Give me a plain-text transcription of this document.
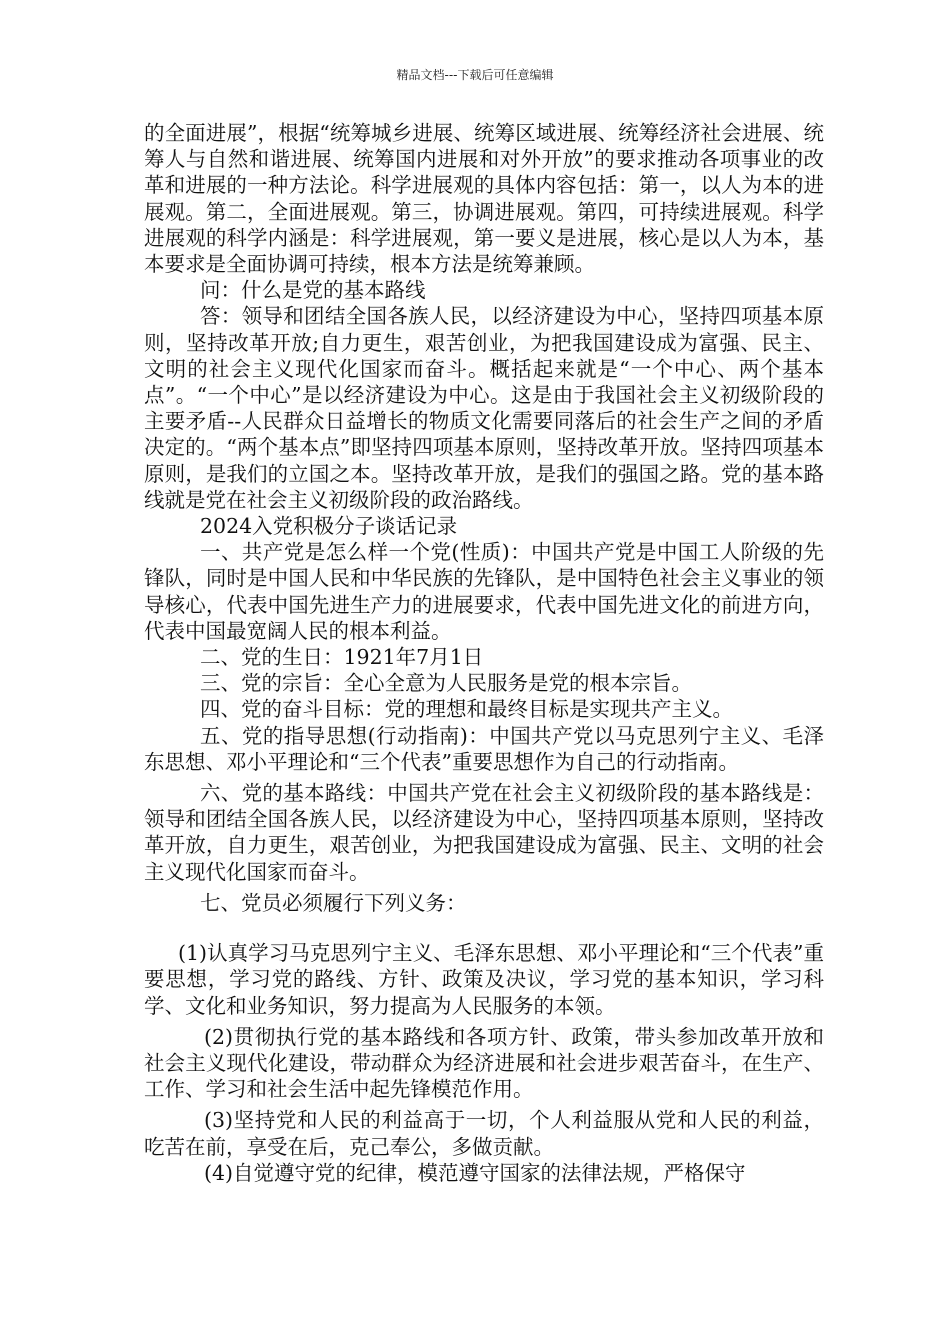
精品文档---下载后可任意编辑

的全面进展”，根据“统筹城乡进展、统筹区域进展、统筹经济社会进展、统筹人与自然和谐进展、统筹国内进展和对外开放”的要求推动各项事业的改革和进展的一种方法论。科学进展观的具体内容包括：第一，以人为本的进展观。第二，全面进展观。第三，协调进展观。第四，可持续进展观。科学进展观的科学内涵是：科学进展观，第一要义是进展，核心是以人为本，基本要求是全面协调可持续，根本方法是统筹兼顾。

问：什么是党的基本路线

答：领导和团结全国各族人民，以经济建设为中心，坚持四项基本原则，坚持改革开放;自力更生，艰苦创业，为把我国建设成为富强、民主、文明的社会主义现代化国家而奋斗。概括起来就是“一个中心、两个基本点”。“一个中心”是以经济建设为中心。这是由于我国社会主义初级阶段的主要矛盾--人民群众日益增长的物质文化需要同落后的社会生产之间的矛盾决定的。“两个基本点”即坚持四项基本原则，坚持改革开放。坚持四项基本原则，是我们的立国之本。坚持改革开放，是我们的强国之路。党的基本路线就是党在社会主义初级阶段的政治路线。

2024入党积极分子谈话记录

一、共产党是怎么样一个党(性质)：中国共产党是中国工人阶级的先锋队，同时是中国人民和中华民族的先锋队，是中国特色社会主义事业的领导核心，代表中国先进生产力的进展要求，代表中国先进文化的前进方向，代表中国最宽阔人民的根本利益。

二、党的生日：1921年7月1日

三、党的宗旨：全心全意为人民服务是党的根本宗旨。

四、党的奋斗目标：党的理想和最终目标是实现共产主义。

五、党的指导思想(行动指南)：中国共产党以马克思列宁主义、毛泽东思想、邓小平理论和“三个代表”重要思想作为自己的行动指南。

六、党的基本路线：中国共产党在社会主义初级阶段的基本路线是：领导和团结全国各族人民，以经济建设为中心，坚持四项基本原则，坚持改革开放，自力更生，艰苦创业，为把我国建设成为富强、民主、文明的社会主义现代化国家而奋斗。

七、党员必须履行下列义务：

(1)认真学习马克思列宁主义、毛泽东思想、邓小平理论和“三个代表”重要思想，学习党的路线、方针、政策及决议，学习党的基本知识，学习科学、文化和业务知识，努力提高为人民服务的本领。

(2)贯彻执行党的基本路线和各项方针、政策，带头参加改革开放和社会主义现代化建设，带动群众为经济进展和社会进步艰苦奋斗，在生产、工作、学习和社会生活中起先锋模范作用。

(3)坚持党和人民的利益高于一切，个人利益服从党和人民的利益，吃苦在前，享受在后，克己奉公，多做贡献。

(4)自觉遵守党的纪律，模范遵守国家的法律法规，严格保守
